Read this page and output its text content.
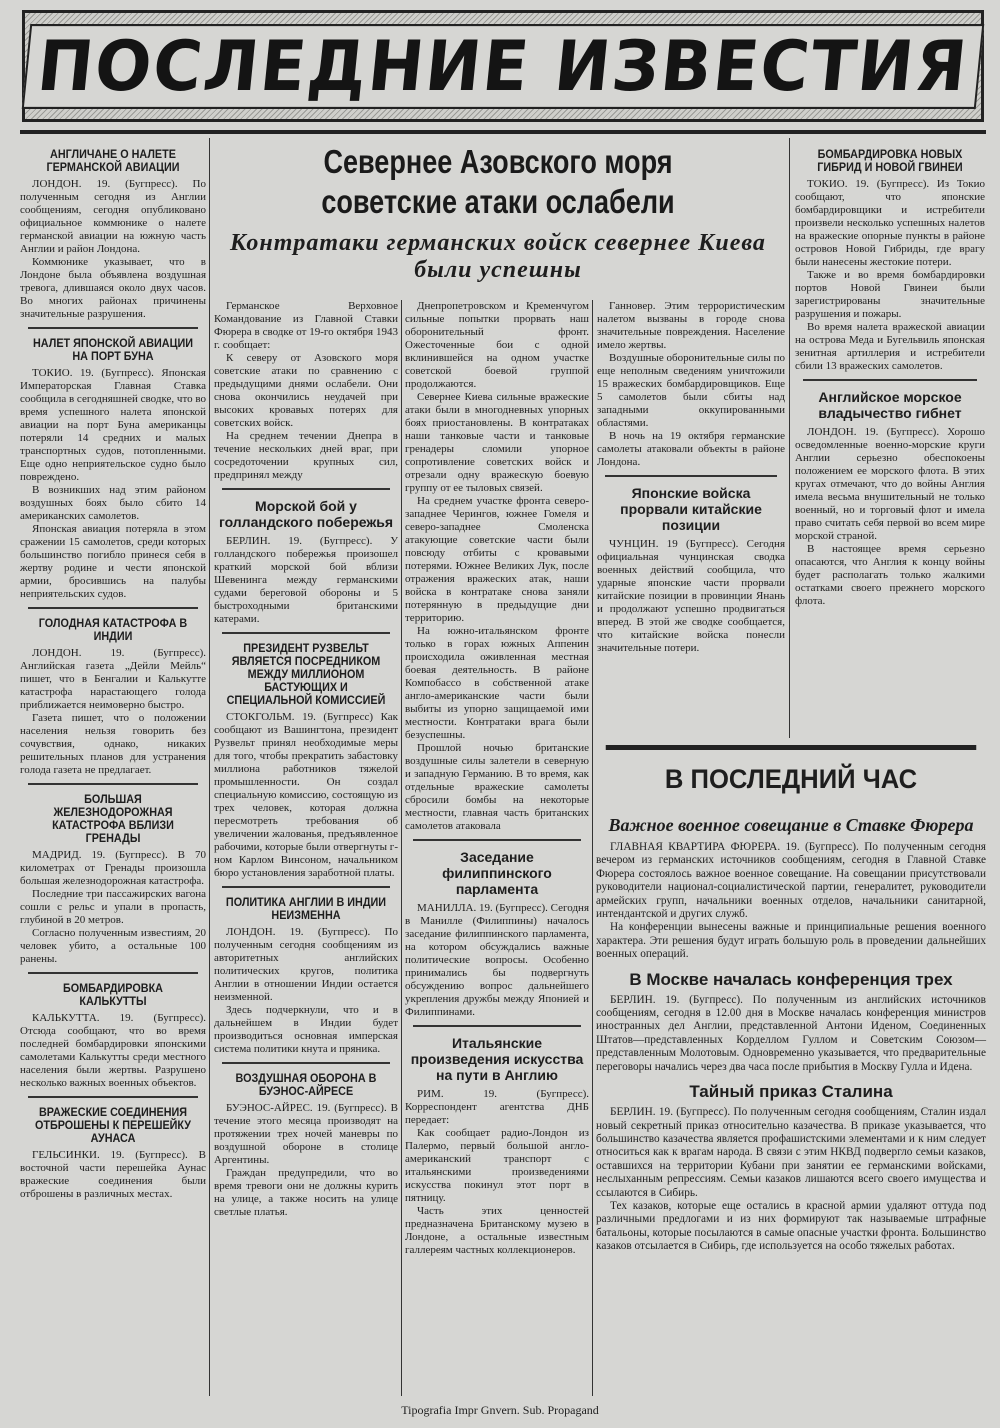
ПОСЛЕДНИЕ ИЗВЕСТИЯ
Севернее Азовского моря советские атаки ослабели
Контратаки германских войск севернее Киева были успешны
АНГЛИЧАНЕ О НАЛЕТЕ ГЕРМАНСКОЙ АВИАЦИИ

ЛОНДОН. 19. (Бугпресс). По полученным сегодня из Англии сообщениям, сегодня опубликовано официальное коммюнике о налете германской авиации на южную часть Англии и район Лондона.

Коммюнике указывает, что в Лондоне была объявлена воздушная тревога, длившаяся около двух часов. Во многих районах причинены значительные разрушения.

НАЛЕТ ЯПОНСКОЙ АВИАЦИИ НА ПОРТ БУНА

ТОКИО. 19. (Бугпресс). Японская Императорская Главная Ставка сообщила в сегодняшней сводке, что во время успешного налета японской авиации на порт Буна американцы потеряли 14 средних и малых транспортных судов, потопленными. Еще одно неприятельское судно было повреждено.

В возникших над этим районом воздушных боях было сбито 14 американских самолетов.

Японская авиация потеряла в этом сражении 15 самолетов, среди которых большинство погибло принеся себя в жертву родине и чести японской армии, бросившись на палубы неприятельских судов.

ГОЛОДНАЯ КАТАСТРОФА В ИНДИИ

ЛОНДОН. 19. (Бугпресс). Английская газета „Дейли Мейль“ пишет, что в Бенгалии и Калькутте катастрофа нарастающего голода приближается неимоверно быстро.

Газета пишет, что о положении населения нельзя говорить без сочувствия, однако, никаких решительных планов для устранения голода газета не предлагает.

БОЛЬШАЯ ЖЕЛЕЗНОДОРОЖНАЯ КАТАСТРОФА ВБЛИЗИ ГРЕНАДЫ

МАДРИД. 19. (Бугпресс). В 70 километрах от Гренады произошла большая железнодорожная катастрофа.

Последние три пассажирских вагона сошли с рельс и упали в пропасть, глубиной в 20 метров.

Согласно полученным известиям, 20 человек убито, а остальные 100 ранены.

БОМБАРДИРОВКА КАЛЬКУТТЫ

КАЛЬКУТТА. 19. (Бугпресс). Отсюда сообщают, что во время последней бомбардировки японскими самолетами Калькутты среди местного населения были жертвы. Разрушено несколько важных военных объектов.

ВРАЖЕСКИЕ СОЕДИНЕНИЯ ОТБРОШЕНЫ К ПЕРЕШЕЙКУ АУНАСА

ГЕЛЬСИНКИ. 19. (Бугпресс). В восточной части перешейка Аунас вражеские соединения были отброшены в различных местах.

Германское Верховное Командование из Главной Ставки Фюрера в сводке от 19-го октября 1943 г. сообщает:

К северу от Азовского моря советские атаки по сравнению с предыдущими днями ослабели. Они снова окончились неудачей при высоких кровавых потерях для советских войск.

На среднем течении Днепра в течение нескольких дней враг, при сосредоточении крупных сил, предпринял между

Морской бой у голландского побережья

БЕРЛИН. 19. (Бугпресс). У голландского побережья произошел краткий морской бой вблизи Шевенинга между германскими судами береговой обороны и 5 быстроходными британскими катерами.

ПРЕЗИДЕНТ РУЗВЕЛЬТ ЯВЛЯЕТСЯ ПОСРЕДНИКОМ МЕЖДУ МИЛЛИОНОМ БАСТУЮЩИХ И СПЕЦИАЛЬНОЙ КОМИССИЕЙ

СТОКГОЛЬМ. 19. (Бугпресс) Как сообщают из Вашингтона, президент Рузвельт принял необходимые меры для того, чтобы прекратить забастовку миллиона работников тяжелой промышленности. Он создал специальную комиссию, состоящую из трех человек, которая должна пересмотреть требования об увеличении жалованья, предъявленное рабочими, которые были отвергнуты г-ном Карлом Винсоном, начальником бюро установления заработной платы.

ПОЛИТИКА АНГЛИИ В ИНДИИ НЕИЗМЕННА

ЛОНДОН. 19. (Бугпресс). По полученным сегодня сообщениям из авторитетных английских политических кругов, политика Англии в отношении Индии остается неизменной.

Здесь подчеркнули, что и в дальнейшем в Индии будет производиться основная имперская система политики кнута и пряника.

ВОЗДУШНАЯ ОБОРОНА В БУЭНОС-АЙРЕСЕ

БУЭНОС-АЙРЕС. 19. (Бугпресс). В течение этого месяца производят на протяжении трех ночей маневры по воздушной обороне в столице Аргентины.

Граждан предупредили, что во время тревоги они не должны курить на улице, а также носить на улице светлые платья.

Днепропетровском и Кременчугом сильные попытки прорвать наш оборонительный фронт. Ожесточенные бои с одной вклинившейся на одном участке советской боевой группой продолжаются.

Севернее Киева сильные вражеские атаки были в многодневных упорных боях приостановлены. В контратаках наши танковые части и танковые гренадеры сломили упорное сопротивление советских войск и отрезали одну вражескую боевую группу от ее тыловых связей.

На среднем участке фронта северо-западнее Черингов, южнее Гомеля и северо-западнее Смоленска атакующие советские части были повсюду отбиты с кровавыми потерями. Южнее Великих Лук, после отражения вражеских атак, наши войска в контратаке снова заняли потерянную в предыдущие дни территорию.

На южно-итальянском фронте только в горах южных Аппенин происходила оживленная местная боевая деятельность. В районе Компобассо в собственной атаке англо-американские части были выбиты из упорно защищаемой ими местности. Контратаки врага были безуспешны.

Прошлой ночью британские воздушные силы залетели в северную и западную Германию. В то время, как отдельные вражеские самолеты сбросили бомбы на некоторые местности, главная часть британских самолетов атаковала

Заседание филиппинского парламента

МАНИЛЛА. 19. (Бугпресс). Сегодня в Манилле (Филиппины) началось заседание филиппинского парламента, на котором обсуждались важные политические вопросы. Особенно принимались бы подвергнуть обсуждению вопрос дальнейшего укрепления дружбы между Японией и Филиппинами.

Итальянские произведения искусства на пути в Англию

РИМ. 19. (Бугпресс). Корреспондент агентства ДНБ передает:

Как сообщает радио-Лондон из Палермо, первый большой англо-американский транспорт с итальянскими произведениями искусства покинул этот порт в пятницу.

Часть этих ценностей предназначена Британскому музею в Лондоне, а остальные известным галлереям частных коллекционеров.

Ганновер. Этим террористическим налетом вызваны в городе снова значительные повреждения. Население имело жертвы.

Воздушные оборонительные силы по еще неполным сведениям уничтожили 15 вражеских бомбардировщиков. Еще 5 самолетов были сбиты над западными оккупированными областями.

В ночь на 19 октября германские самолеты атаковали объекты в районе Лондона.

Японские войска прорвали китайские позиции

ЧУНЦИН. 19 (Бугпресс). Сегодня официальная чунцинская сводка военных действий сообщила, что ударные японские части прорвали китайские позиции в провинции Янань и продолжают успешно продвигаться вперед. В этой же сводке сообщается, что китайские войска понесли значительные потери.

БОМБАРДИРОВКА НОВЫХ ГИБРИД И НОВОЙ ГВИНЕИ

ТОКИО. 19. (Бугпресс). Из Токио сообщают, что японские бомбардировщики и истребители произвели несколько успешных налетов на вражеские опорные пункты в районе островов Новой Гибриды, где врагу были нанесены жестокие потери.

Также и во время бомбардировки портов Новой Гвинеи были зарегистрированы значительные разрушения и пожары.

Во время налета вражеской авиации на острова Меда и Бугельвиль японская зенитная артиллерия и истребители сбили 13 вражеских самолетов.

Английское морское владычество гибнет

ЛОНДОН. 19. (Бугпресс). Хорошо осведомленные военно-морские круги Англии серьезно обеспокоены положением ее морского флота. В этих кругах отмечают, что до войны Англия имела весьма внушительный не только военный, но и торговый флот и имела право считать себя первой во всем мире морской страной.

В настоящее время серьезно опасаются, что Англия к концу войны будет располагать только жалкими остатками своего прежнего морского флота.

В ПОСЛЕДНИЙ ЧАС
Важное военное совещание в Ставке Фюрера

ГЛАВНАЯ КВАРТИРА ФЮРЕРА. 19. (Бугпресс). По полученным сегодня вечером из германских источников сообщениям, сегодня в Главной Ставке Фюрера состоялось важное военное совещание. На совещании присутствовали руководители национал-социалистической партии, генералитет, руководители армейских групп, начальники военных отделов, начальники санитарной, интендантской и других служб.

На конференции вынесены важные и принципиальные решения военного характера. Эти решения будут играть большую роль в проведении дальнейших военных операций.

В Москве началась конференция трех

БЕРЛИН. 19. (Бугпресс). По полученным из английских источников сообщениям, сегодня в 12.00 дня в Москве началась конференция министров иностранных дел Англии, представленной Антони Иденом, Соединенных Штатов—представленных Корделлом Гуллом и Советским Союзом—представленным Молотовым. Одновременно указывается, что предварительные переговоры начались через два часа после прибытия в Москву Гулла и Идена.

Тайный приказ Сталина

БЕРЛИН. 19. (Бугпресс). По полученным сегодня сообщениям, Сталин издал новый секретный приказ относительно казачества. В приказе указывается, что большинство казачества является профашистскими элементами и к ним следует относиться как к врагам народа. В связи с этим НКВД подвергло семьи казаков, оставшихся на территории Кубани при занятии ее германскими войсками, неслыханным репрессиям. Семьи казаков лишаются всего своего имущества и ссылаются в Сибирь.

Тех казаков, которые еще остались в красной армии удаляют оттуда под различными предлогами и из них формируют так называемые штрафные батальоны, которые посылаются в самые опасные участки фронта. Большинство казаков отсылается в Сибирь, где используется на особо тяжелых работах.

Tipografia Impr Gnvern. Sub. Propagand
